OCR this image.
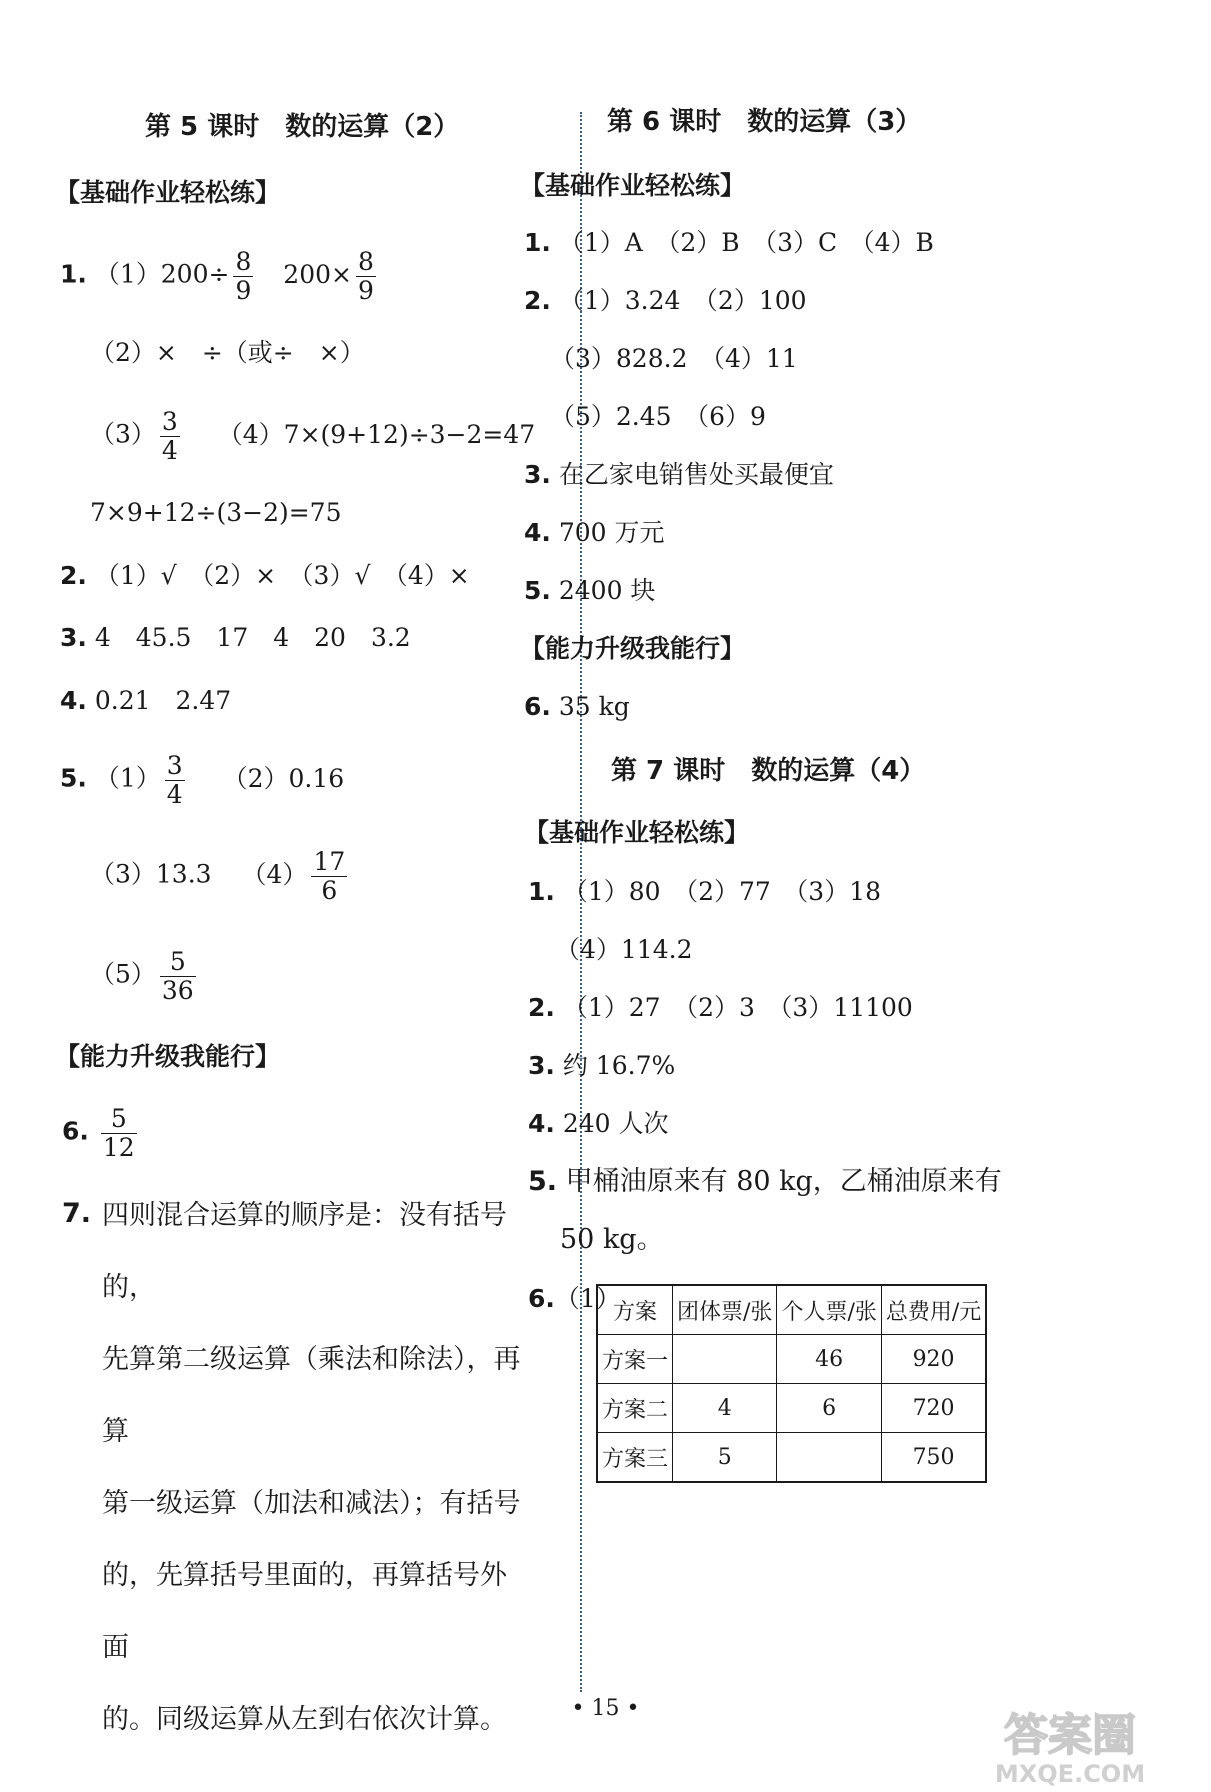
第 5 课时　数的运算（2）
【基础作业轻松练】
1. $(1)200\div \frac{8}{9} 200\times \frac{8}{9}$
（2）×　÷（或÷　×）
$(3) \frac{3}{4} (4)7\times(9+12)\div 3-2=47$
7×9+12÷(3−2)=75
2. （1）√　（2）×　（3）√　（4）×
3. 4　45.5　17　4　20　3.2
4. 0.21　2.47
5. $(1) \frac{3}{4} (2)0.16$
（3）13.3 $(4) \frac{17}{6}$
$(5) \frac{5}{36}$
【能力升级我能行】
6. $\frac{5}{12}$
7. 四则混合运算的顺序是：没有括号的，
先算第二级运算（乘法和除法），再算
第一级运算（加法和减法）；有括号
的，先算括号里面的，再算括号外面
的。同级运算从左到右依次计算。
第 6 课时　数的运算（3）
【基础作业轻松练】
1. （1）A　（2）B　（3）C　（4）B
2. （1）3.24　（2）100
（3）828.2　（4）11
（5）2.45　（6）9
3. 在乙家电销售处买最便宜
4. 700 万元
5. 2400 块
【能力升级我能行】
6. 35 kg
第 7 课时　数的运算（4）
【基础作业轻松练】
1. （1）80　（2）77　（3）18
（4）114.2
2. （1）27　（2）3　（3）11100
3. 约 16.7%
4. 240 人次
5. 甲桶油原来有 80 kg，乙桶油原来有
50 kg。
6.（1）
方案	团体票/张	个人票/张	总费用/元
方案一		46	920
方案二	4	6	720
方案三	5		750
• 15 •
答案圈
MXQE.COM
